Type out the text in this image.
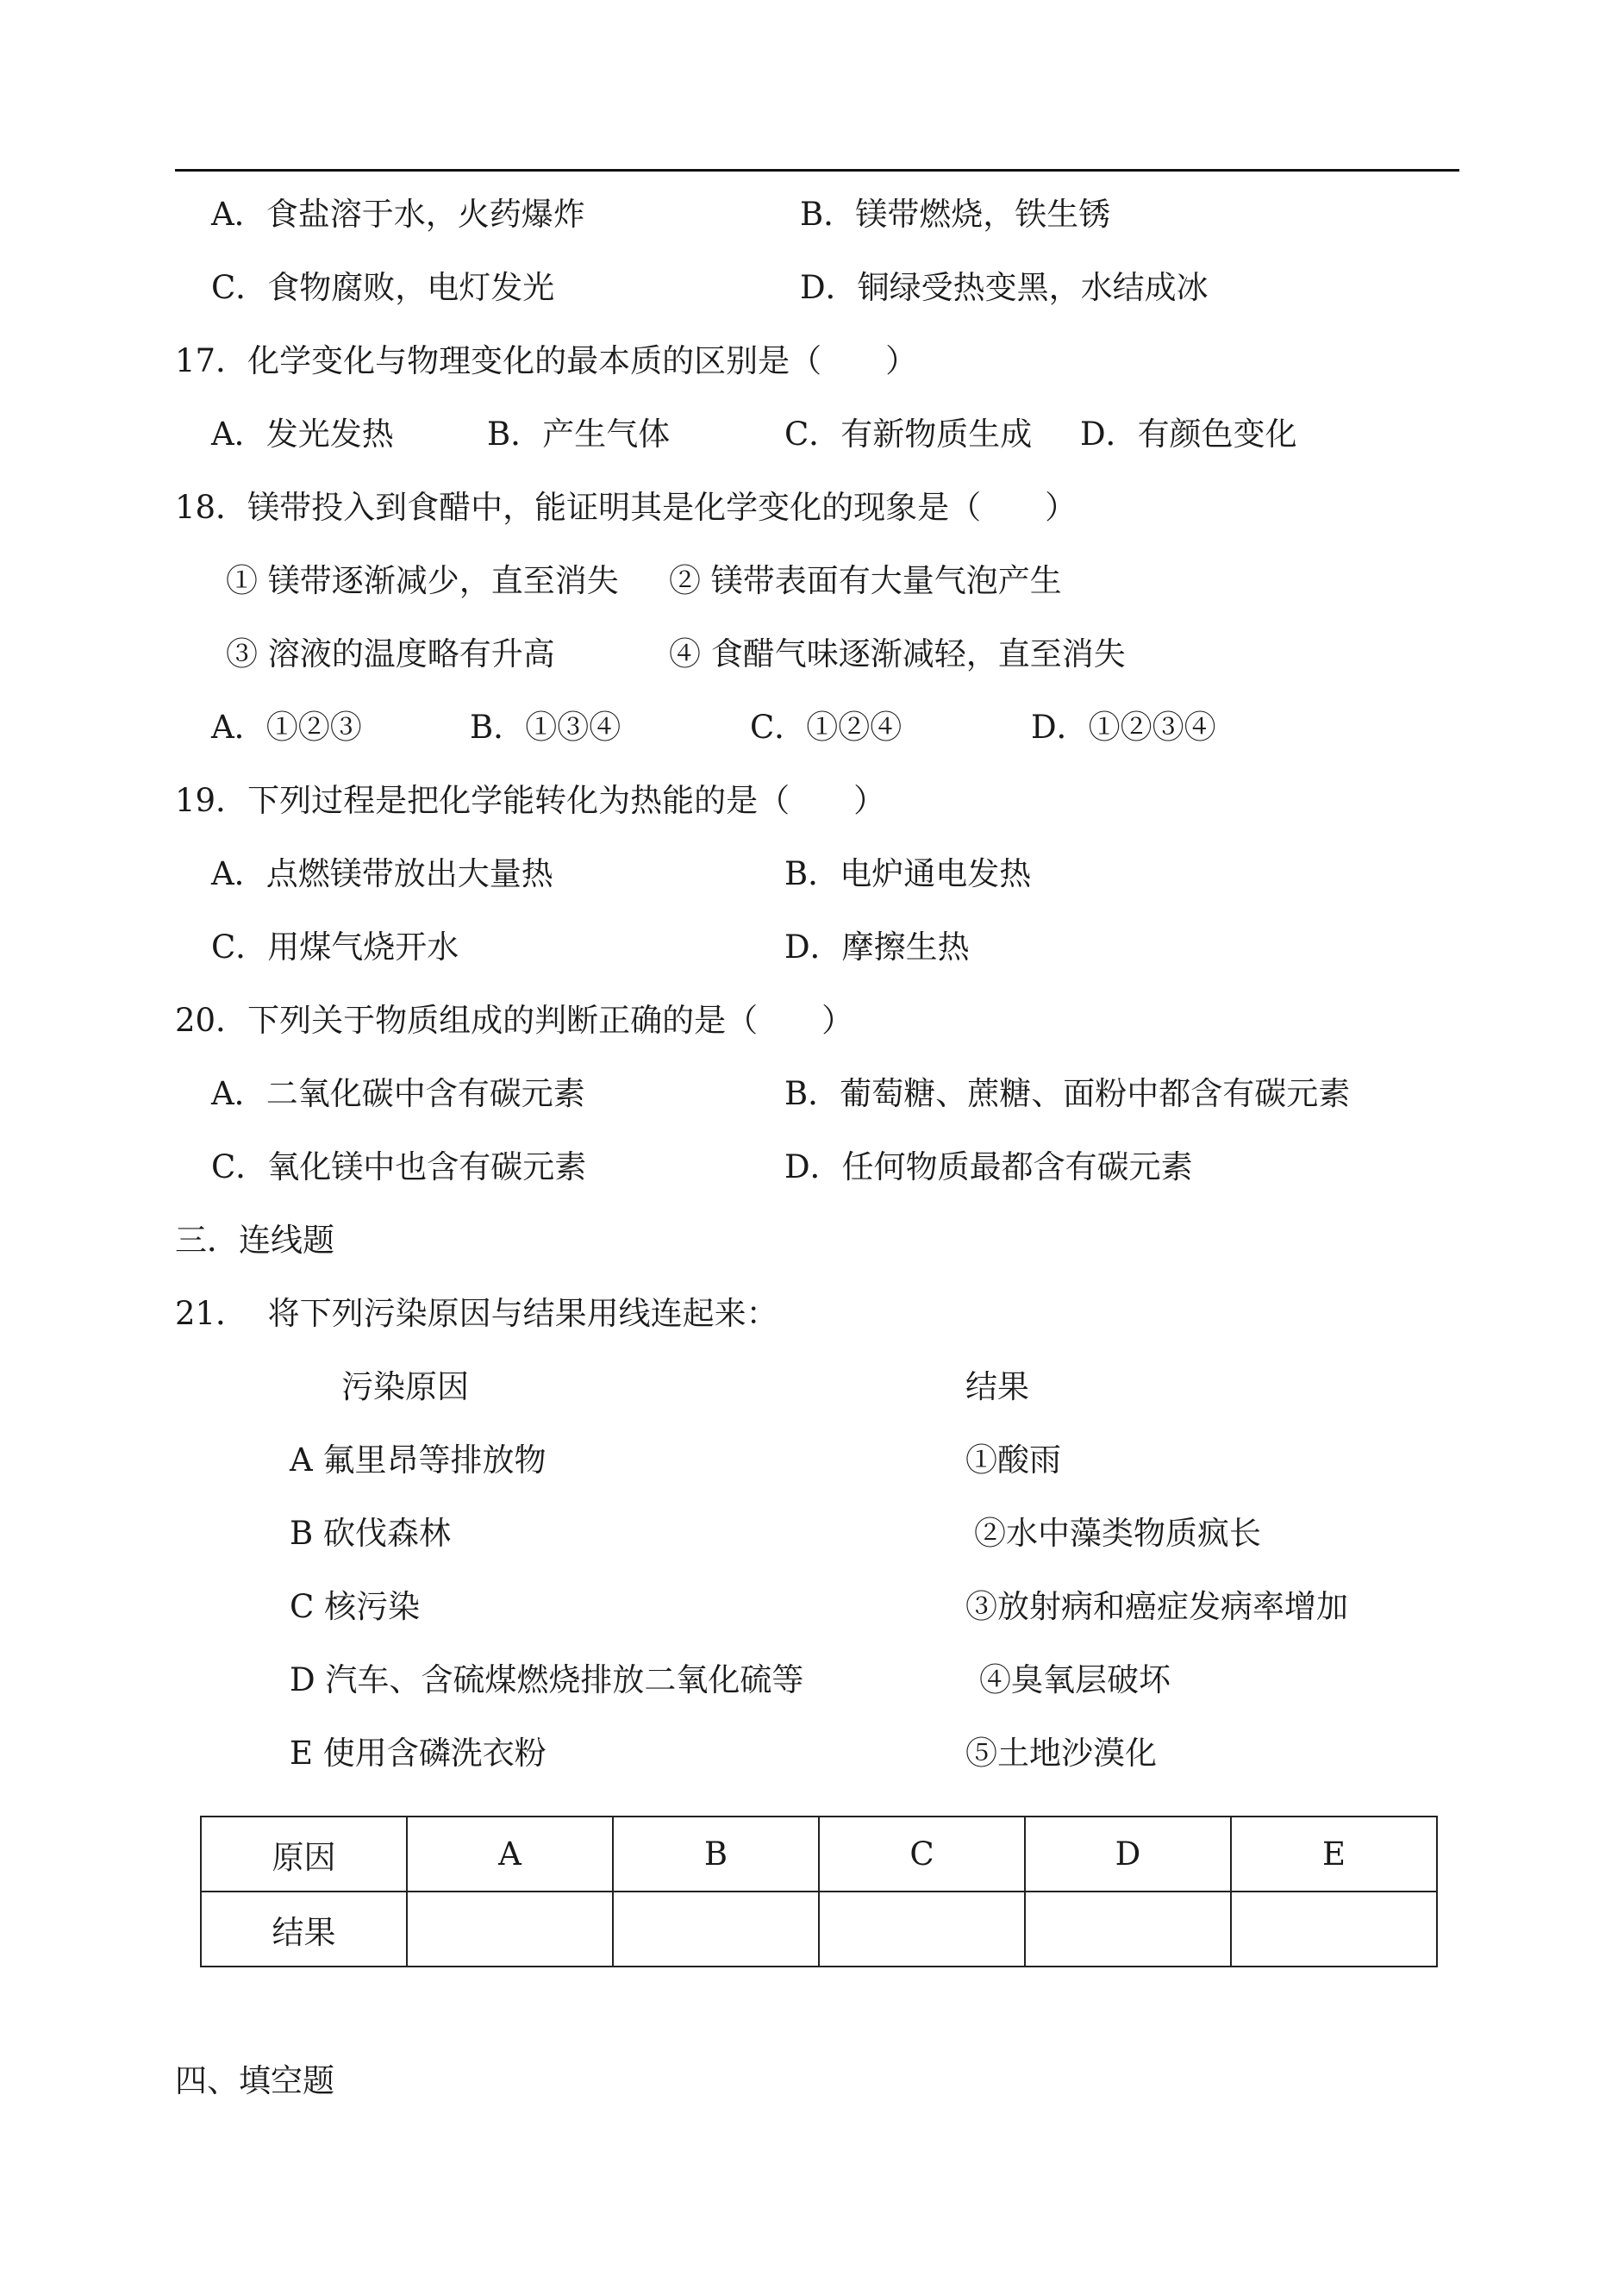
A．食盐溶于水，火药爆炸	B．镁带燃烧，铁生锈
C．食物腐败，电灯发光	D．铜绿受热变黑，水结成冰
17．化学变化与物理变化的最本质的区别是（　　）
A．发光发热	B．产生气体	C．有新物质生成 D．有颜色变化
18．镁带投入到食醋中，能证明其是化学变化的现象是（　　）
① 镁带逐渐减少，直至消失 ② 镁带表面有大量气泡产生
③ 溶液的温度略有升高	④ 食醋气味逐渐减轻，直至消失
A．①②③	B．①③④	C．①②④	D．①②③④
19．下列过程是把化学能转化为热能的是（　　）
A．点燃镁带放出大量热	B．电炉通电发热
C．用煤气烧开水	D．摩擦生热
20．下列关于物质组成的判断正确的是（　　）
A．二氧化碳中含有碳元素	B．葡萄糖、蔗糖、面粉中都含有碳元素
C．氧化镁中也含有碳元素	D．任何物质最都含有碳元素
三．连线题
21．  将下列污染原因与结果用线连起来：
污染原因	结果
A 氟里昂等排放物
B 砍伐森林
C 核污染
D 汽车、含硫煤燃烧排放二氧化硫等
E 使用含磷洗衣粉
①酸雨
②水中藻类物质疯长
③放射病和癌症发病率增加
④臭氧层破坏
⑤土地沙漠化
原因	A	B	C	D	E
结果					
四、填空题
